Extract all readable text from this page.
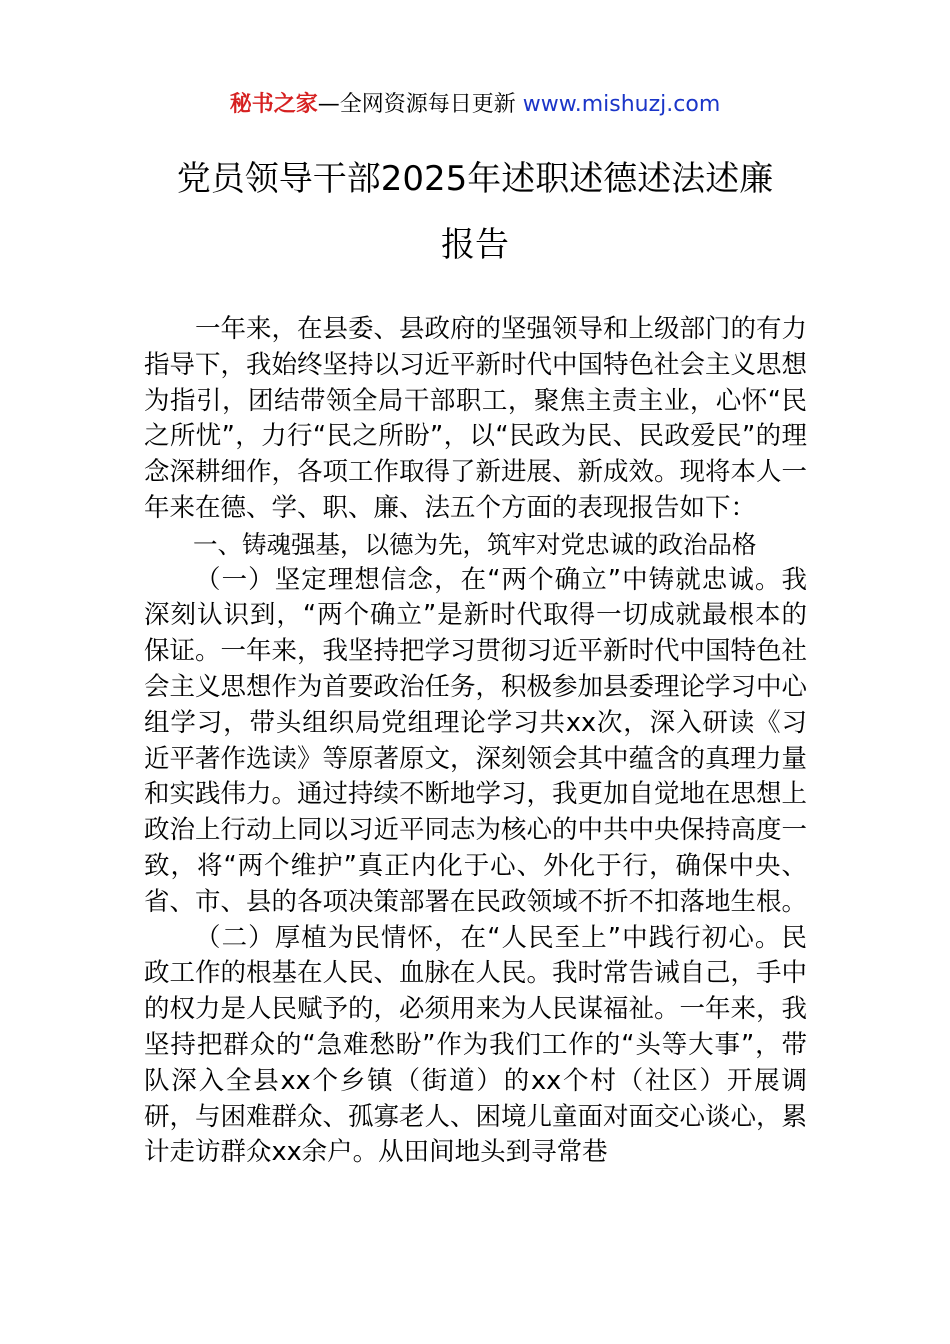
秘书之家—全网资源每日更新 www.mishuzj.com
党员领导干部2025年述职述德述法述廉
报告

一年来，在县委、县政府的坚强领导和上级部门的有力指导下，我始终坚持以习近平新时代中国特色社会主义思想为指引，团结带领全局干部职工，聚焦主责主业，心怀“民之所忧”，力行“民之所盼”，以“民政为民、民政爱民”的理念深耕细作，各项工作取得了新进展、新成效。现将本人一年来在德、学、职、廉、法五个方面的表现报告如下：

一、铸魂强基，以德为先，筑牢对党忠诚的政治品格

（一）坚定理想信念，在“两个确立”中铸就忠诚。我深刻认识到，“两个确立”是新时代取得一切成就最根本的保证。一年来，我坚持把学习贯彻习近平新时代中国特色社会主义思想作为首要政治任务，积极参加县委理论学习中心组学习，带头组织局党组理论学习共xx次，深入研读《习近平著作选读》等原著原文，深刻领会其中蕴含的真理力量和实践伟力。通过持续不断地学习，我更加自觉地在思想上政治上行动上同以习近平同志为核心的中共中央保持高度一致，将“两个维护”真正内化于心、外化于行，确保中央、省、市、县的各项决策部署在民政领域不折不扣落地生根。

（二）厚植为民情怀，在“人民至上”中践行初心。民政工作的根基在人民、血脉在人民。我时常告诫自己，手中的权力是人民赋予的，必须用来为人民谋福祉。一年来，我坚持把群众的“急难愁盼”作为我们工作的“头等大事”，带队深入全县xx个乡镇（街道）的xx个村（社区）开展调研，与困难群众、孤寡老人、困境儿童面对面交心谈心，累计走访群众xx余户。从田间地头到寻常巷
